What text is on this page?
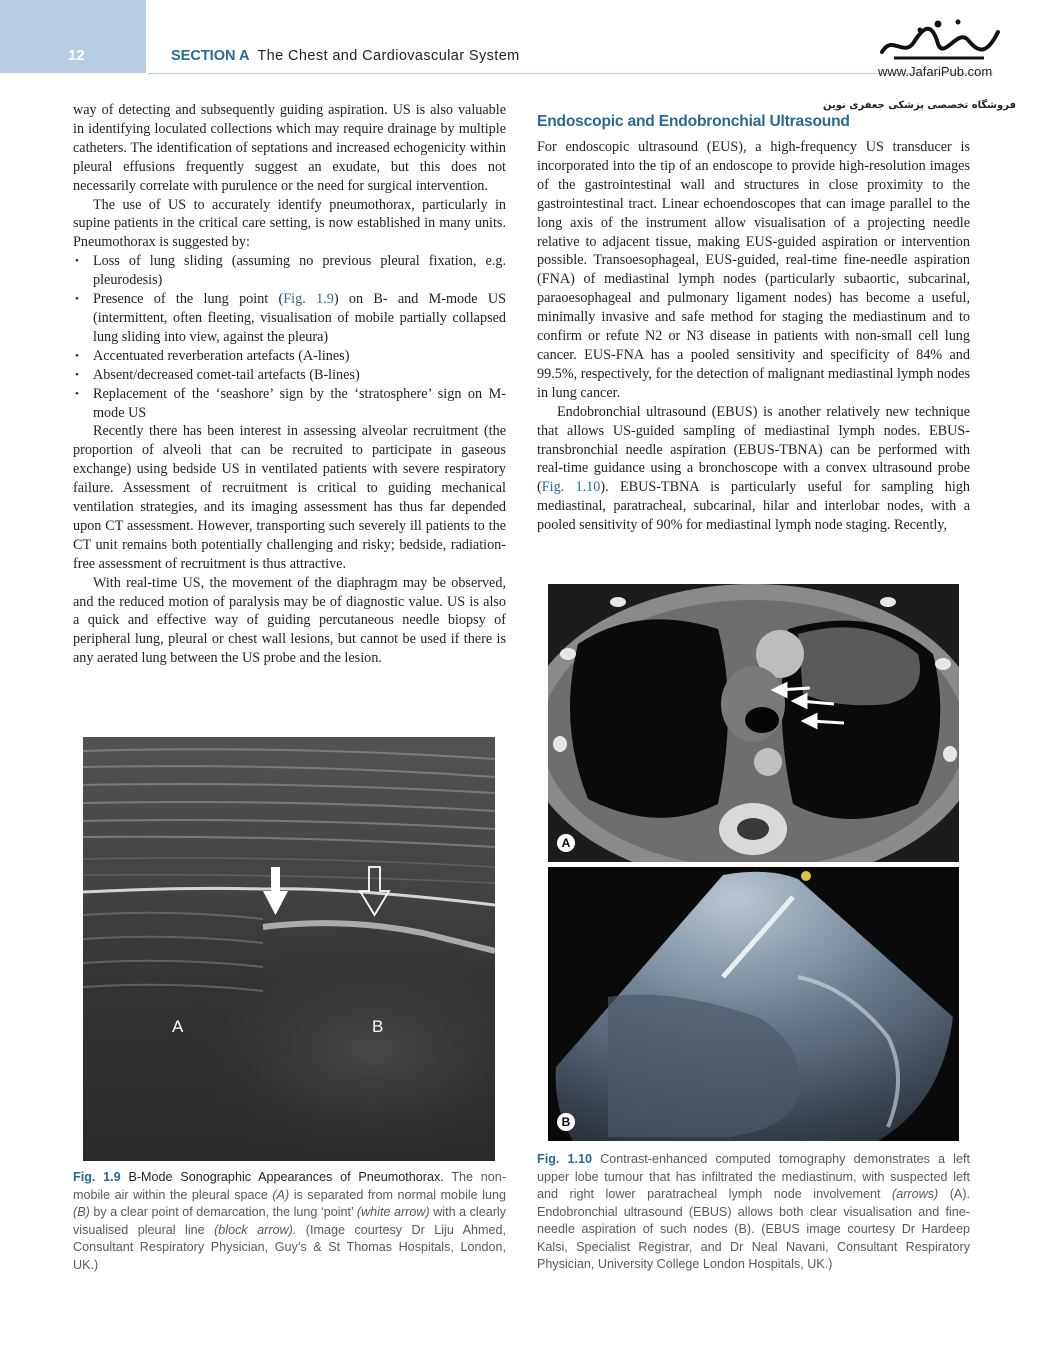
12	SECTION A The Chest and Cardiovascular System
www.JafariPub.com
فروشگاه تخصصی پزشکی جعفری نوین

way of detecting and subsequently guiding aspiration. US is also valuable in identifying loculated collections which may require drainage by multiple catheters. The identification of septations and increased echogenicity within pleural effusions frequently suggest an exudate, but this does not necessarily correlate with purulence or the need for surgical intervention.

The use of US to accurately identify pneumothorax, particularly in supine patients in the critical care setting, is now established in many units. Pneumothorax is suggested by:

• Loss of lung sliding (assuming no previous pleural fixation, e.g. pleurodesis)
• Presence of the lung point (Fig. 1.9) on B- and M-mode US (intermittent, often fleeting, visualisation of mobile partially collapsed lung sliding into view, against the pleura)
• Accentuated reverberation artefacts (A-lines)
• Absent/decreased comet-tail artefacts (B-lines)
• Replacement of the ‘seashore’ sign by the ‘stratosphere’ sign on M-mode US

Recently there has been interest in assessing alveolar recruitment (the proportion of alveoli that can be recruited to participate in gaseous exchange) using bedside US in ventilated patients with severe respiratory failure. Assessment of recruitment is critical to guiding mechanical ventilation strategies, and its imaging assessment has thus far depended upon CT assessment. However, transporting such severely ill patients to the CT unit remains both potentially challenging and risky; bedside, radiation-free assessment of recruitment is thus attractive.

With real-time US, the movement of the diaphragm may be observed, and the reduced motion of paralysis may be of diagnostic value. US is also a quick and effective way of guiding percutaneous needle biopsy of peripheral lung, pleural or chest wall lesions, but cannot be used if there is any aerated lung between the US probe and the lesion.

Endoscopic and Endobronchial Ultrasound

For endoscopic ultrasound (EUS), a high-frequency US transducer is incorporated into the tip of an endoscope to provide high-resolution images of the gastrointestinal wall and structures in close proximity to the gastrointestinal tract. Linear echoendoscopes that can image parallel to the long axis of the instrument allow visualisation of a projecting needle relative to adjacent tissue, making EUS-guided aspiration or intervention possible. Transoesophageal, EUS-guided, real-time fine-needle aspiration (FNA) of mediastinal lymph nodes (particularly subaortic, subcarinal, paraoesophageal and pulmonary ligament nodes) has become a useful, minimally invasive and safe method for staging the mediastinum and to confirm or refute N2 or N3 disease in patients with non-small cell lung cancer. EUS-FNA has a pooled sensitivity and specificity of 84% and 99.5%, respectively, for the detection of malignant mediastinal lymph nodes in lung cancer.

Endobronchial ultrasound (EBUS) is another relatively new technique that allows US-guided sampling of mediastinal lymph nodes. EBUS-transbronchial needle aspiration (EBUS-TBNA) can be performed with real-time guidance using a bronchoscope with a convex ultrasound probe (Fig. 1.10). EBUS-TBNA is particularly useful for sampling high mediastinal, paratracheal, subcarinal, hilar and interlobar nodes, with a pooled sensitivity of 90% for mediastinal lymph node staging. Recently,

A	B
Fig. 1.9 B-Mode Sonographic Appearances of Pneumothorax. The non-mobile air within the pleural space (A) is separated from normal mobile lung (B) by a clear point of demarcation, the lung ‘point’ (white arrow) with a clearly visualised pleural line (block arrow). (Image courtesy Dr Liju Ahmed, Consultant Respiratory Physician, Guy’s & St Thomas Hospitals, London, UK.)
A
B
Fig. 1.10 Contrast-enhanced computed tomography demonstrates a left upper lobe tumour that has infiltrated the mediastinum, with suspected left and right lower paratracheal lymph node involvement (arrows) (A). Endobronchial ultrasound (EBUS) allows both clear visualisation and fine-needle aspiration of such nodes (B). (EBUS image courtesy Dr Hardeep Kalsi, Specialist Registrar, and Dr Neal Navani, Consultant Respiratory Physician, University College London Hospitals, UK.)
